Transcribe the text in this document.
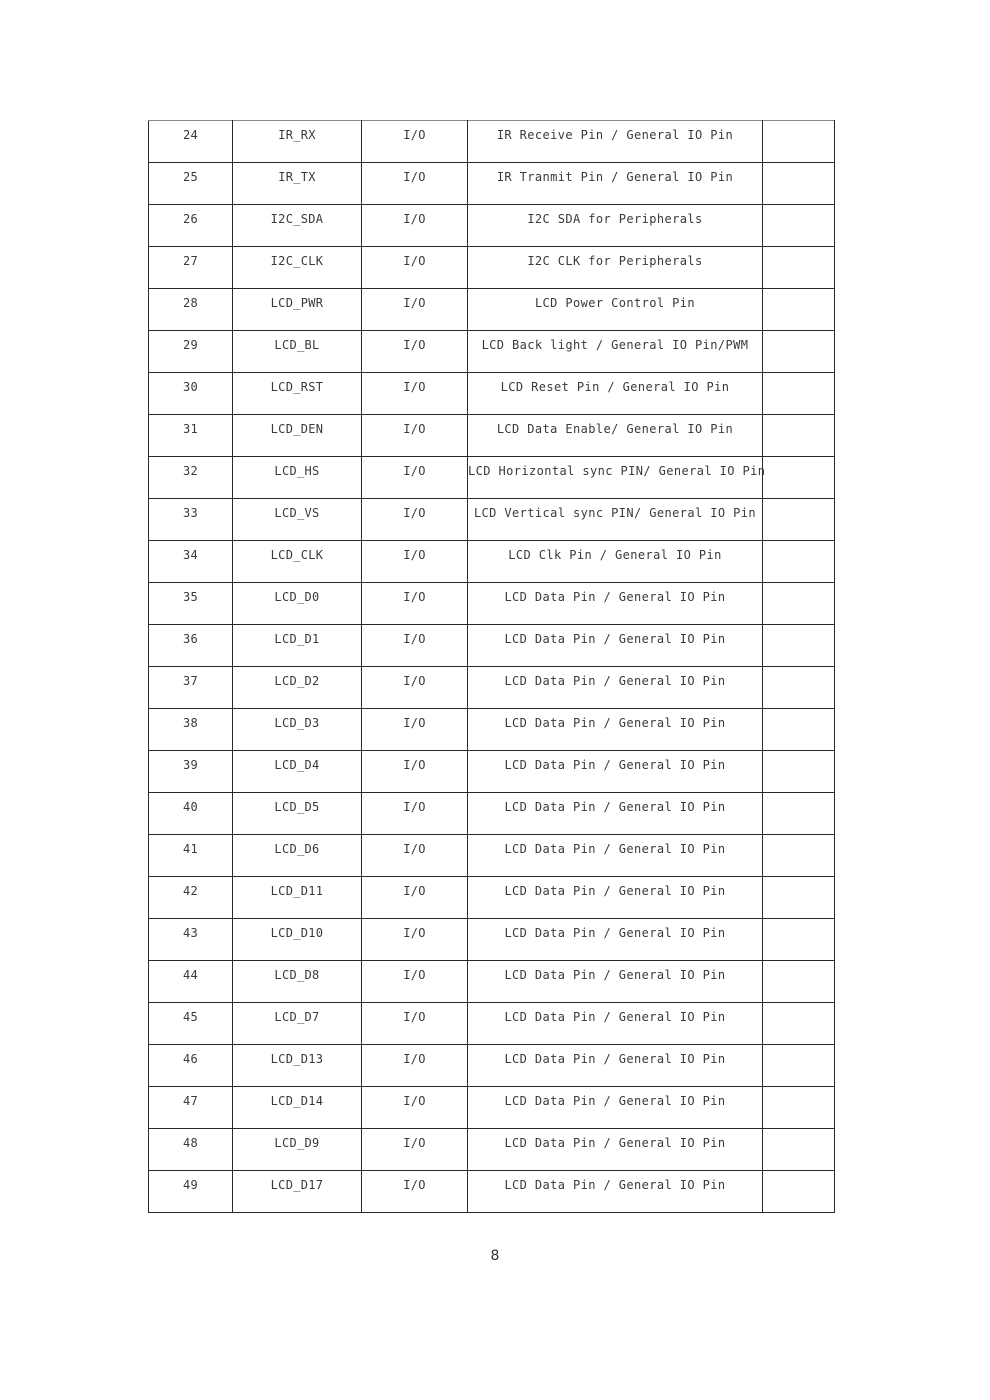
24	IR_RX	I/O	IR Receive Pin / General IO Pin	

25	IR_TX	I/O	IR Tranmit Pin / General IO Pin	

26	I2C_SDA	I/O	I2C SDA for Peripherals	

27	I2C_CLK	I/O	I2C CLK for Peripherals	

28	LCD_PWR	I/O	LCD Power Control Pin	

29	LCD_BL	I/O	LCD Back light / General IO Pin/PWM	

30	LCD_RST	I/O	LCD Reset Pin / General IO Pin	

31	LCD_DEN	I/O	LCD Data Enable/ General IO Pin	

32	LCD_HS	I/O	LCD Horizontal sync PIN/ General IO Pin	

33	LCD_VS	I/O	LCD Vertical sync PIN/ General IO Pin	

34	LCD_CLK	I/O	LCD Clk Pin / General IO Pin	

35	LCD_D0	I/O	LCD Data Pin / General IO Pin	

36	LCD_D1	I/O	LCD Data Pin / General IO Pin	

37	LCD_D2	I/O	LCD Data Pin / General IO Pin	

38	LCD_D3	I/O	LCD Data Pin / General IO Pin	

39	LCD_D4	I/O	LCD Data Pin / General IO Pin	

40	LCD_D5	I/O	LCD Data Pin / General IO Pin	

41	LCD_D6	I/O	LCD Data Pin / General IO Pin	

42	LCD_D11	I/O	LCD Data Pin / General IO Pin	

43	LCD_D10	I/O	LCD Data Pin / General IO Pin	

44	LCD_D8	I/O	LCD Data Pin / General IO Pin	

45	LCD_D7	I/O	LCD Data Pin / General IO Pin	

46	LCD_D13	I/O	LCD Data Pin / General IO Pin	

47	LCD_D14	I/O	LCD Data Pin / General IO Pin	

48	LCD_D9	I/O	LCD Data Pin / General IO Pin	

49	LCD_D17	I/O	LCD Data Pin / General IO Pin	

8
